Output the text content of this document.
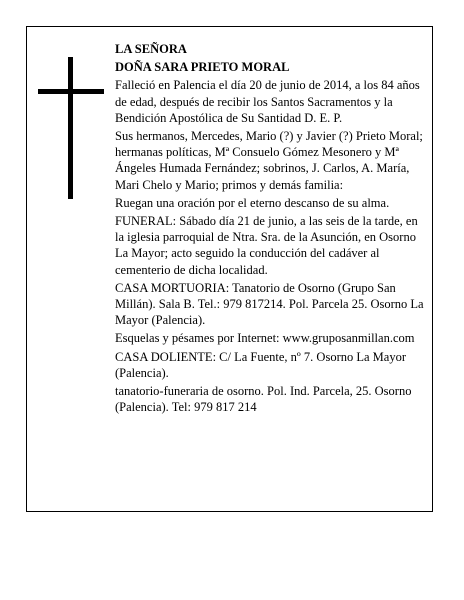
LA SEÑORA

DOÑA SARA PRIETO MORAL

Falleció en Palencia el día 20 de junio de 2014, a los 84 años de edad, después de recibir los Santos Sacramentos y la Bendición Apostólica de Su Santidad D. E. P.

Sus hermanos, Mercedes, Mario (?) y Javier (?) Prieto Moral; hermanas políticas, Mª Consuelo Gómez Mesonero y Mª Ángeles Humada Fernández; sobrinos, J. Carlos, A. María, Mari Chelo y Mario; primos y demás familia:

Ruegan una oración por el eterno descanso de su alma.

FUNERAL: Sábado día 21 de junio, a las seis de la tarde, en la iglesia parroquial de Ntra. Sra. de la Asunción, en Osorno La Mayor; acto seguido la conducción del cadáver al cementerio de dicha localidad.

CASA MORTUORIA: Tanatorio de Osorno (Grupo San Millán). Sala B. Tel.: 979 817214. Pol. Parcela 25. Osorno La Mayor (Palencia).

Esquelas y pésames por Internet: www.gruposanmillan.com

CASA DOLIENTE: C/ La Fuente, nº 7. Osorno La Mayor (Palencia).

tanatorio-funeraria de osorno. Pol. Ind. Parcela, 25. Osorno (Palencia). Tel: 979 817 214
